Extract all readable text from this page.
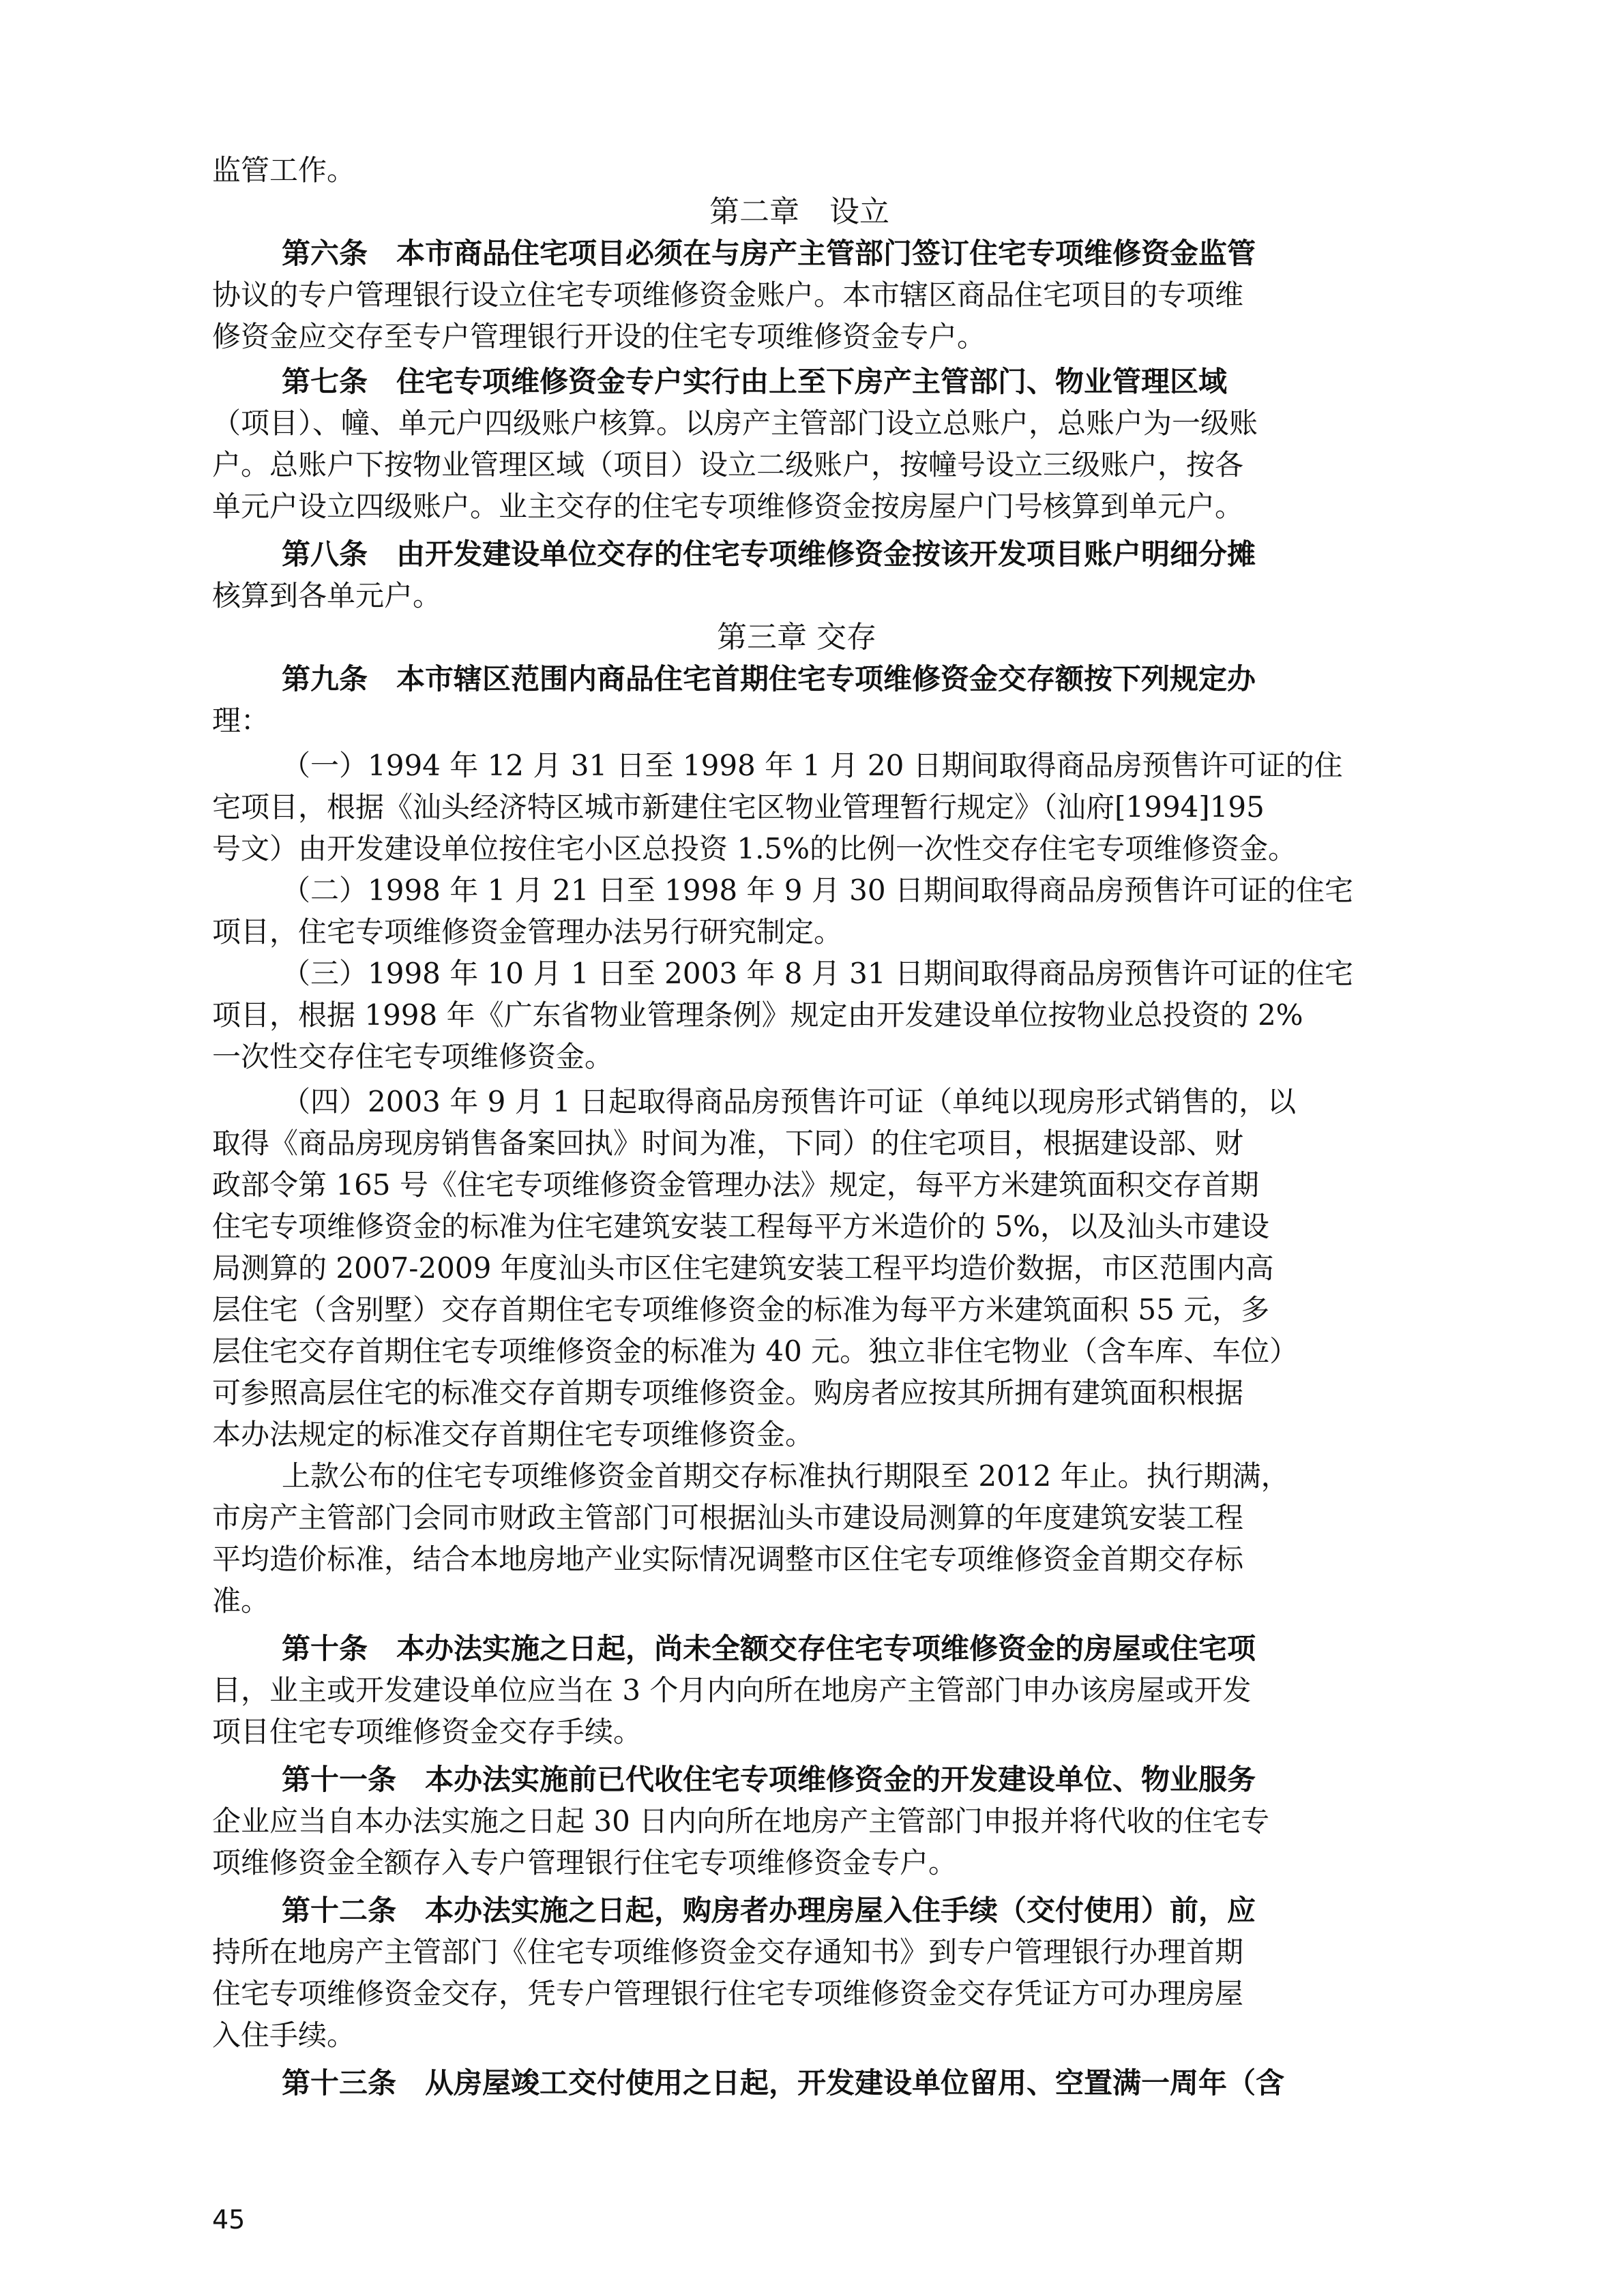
监管工作。
第二章　设立
第六条　本市商品住宅项目必须在与房产主管部门签订住宅专项维修资金监管
协议的专户管理银行设立住宅专项维修资金账户。本市辖区商品住宅项目的专项维
修资金应交存至专户管理银行开设的住宅专项维修资金专户。
第七条　住宅专项维修资金专户实行由上至下房产主管部门、物业管理区域
（项目）、幢、单元户四级账户核算。以房产主管部门设立总账户，总账户为一级账
户。总账户下按物业管理区域（项目）设立二级账户，按幢号设立三级账户，按各
单元户设立四级账户。业主交存的住宅专项维修资金按房屋户门号核算到单元户。
第八条　由开发建设单位交存的住宅专项维修资金按该开发项目账户明细分摊
核算到各单元户。
第三章 交存
第九条　本市辖区范围内商品住宅首期住宅专项维修资金交存额按下列规定办
理：
（一）1994 年 12 月 31 日至 1998 年 1 月 20 日期间取得商品房预售许可证的住
宅项目，根据《汕头经济特区城市新建住宅区物业管理暂行规定》（汕府[1994]195
号文）由开发建设单位按住宅小区总投资 1.5%的比例一次性交存住宅专项维修资金。
（二）1998 年 1 月 21 日至 1998 年 9 月 30 日期间取得商品房预售许可证的住宅
项目，住宅专项维修资金管理办法另行研究制定。
（三）1998 年 10 月 1 日至 2003 年 8 月 31 日期间取得商品房预售许可证的住宅
项目，根据 1998 年《广东省物业管理条例》规定由开发建设单位按物业总投资的 2%
一次性交存住宅专项维修资金。
（四）2003 年 9 月 1 日起取得商品房预售许可证（单纯以现房形式销售的，以
取得《商品房现房销售备案回执》时间为准，下同）的住宅项目，根据建设部、财
政部令第 165 号《住宅专项维修资金管理办法》规定，每平方米建筑面积交存首期
住宅专项维修资金的标准为住宅建筑安装工程每平方米造价的 5%，以及汕头市建设
局测算的 2007-2009 年度汕头市区住宅建筑安装工程平均造价数据，市区范围内高
层住宅（含别墅）交存首期住宅专项维修资金的标准为每平方米建筑面积 55 元，多
层住宅交存首期住宅专项维修资金的标准为 40 元。独立非住宅物业（含车库、车位）
可参照高层住宅的标准交存首期专项维修资金。购房者应按其所拥有建筑面积根据
本办法规定的标准交存首期住宅专项维修资金。
上款公布的住宅专项维修资金首期交存标准执行期限至 2012 年止。执行期满，
市房产主管部门会同市财政主管部门可根据汕头市建设局测算的年度建筑安装工程
平均造价标准，结合本地房地产业实际情况调整市区住宅专项维修资金首期交存标
准。
第十条　本办法实施之日起，尚未全额交存住宅专项维修资金的房屋或住宅项
目，业主或开发建设单位应当在 3 个月内向所在地房产主管部门申办该房屋或开发
项目住宅专项维修资金交存手续。
第十一条　本办法实施前已代收住宅专项维修资金的开发建设单位、物业服务
企业应当自本办法实施之日起 30 日内向所在地房产主管部门申报并将代收的住宅专
项维修资金全额存入专户管理银行住宅专项维修资金专户。
第十二条　本办法实施之日起，购房者办理房屋入住手续（交付使用）前，应
持所在地房产主管部门《住宅专项维修资金交存通知书》到专户管理银行办理首期
住宅专项维修资金交存，凭专户管理银行住宅专项维修资金交存凭证方可办理房屋
入住手续。
第十三条　从房屋竣工交付使用之日起，开发建设单位留用、空置满一周年（含
45
